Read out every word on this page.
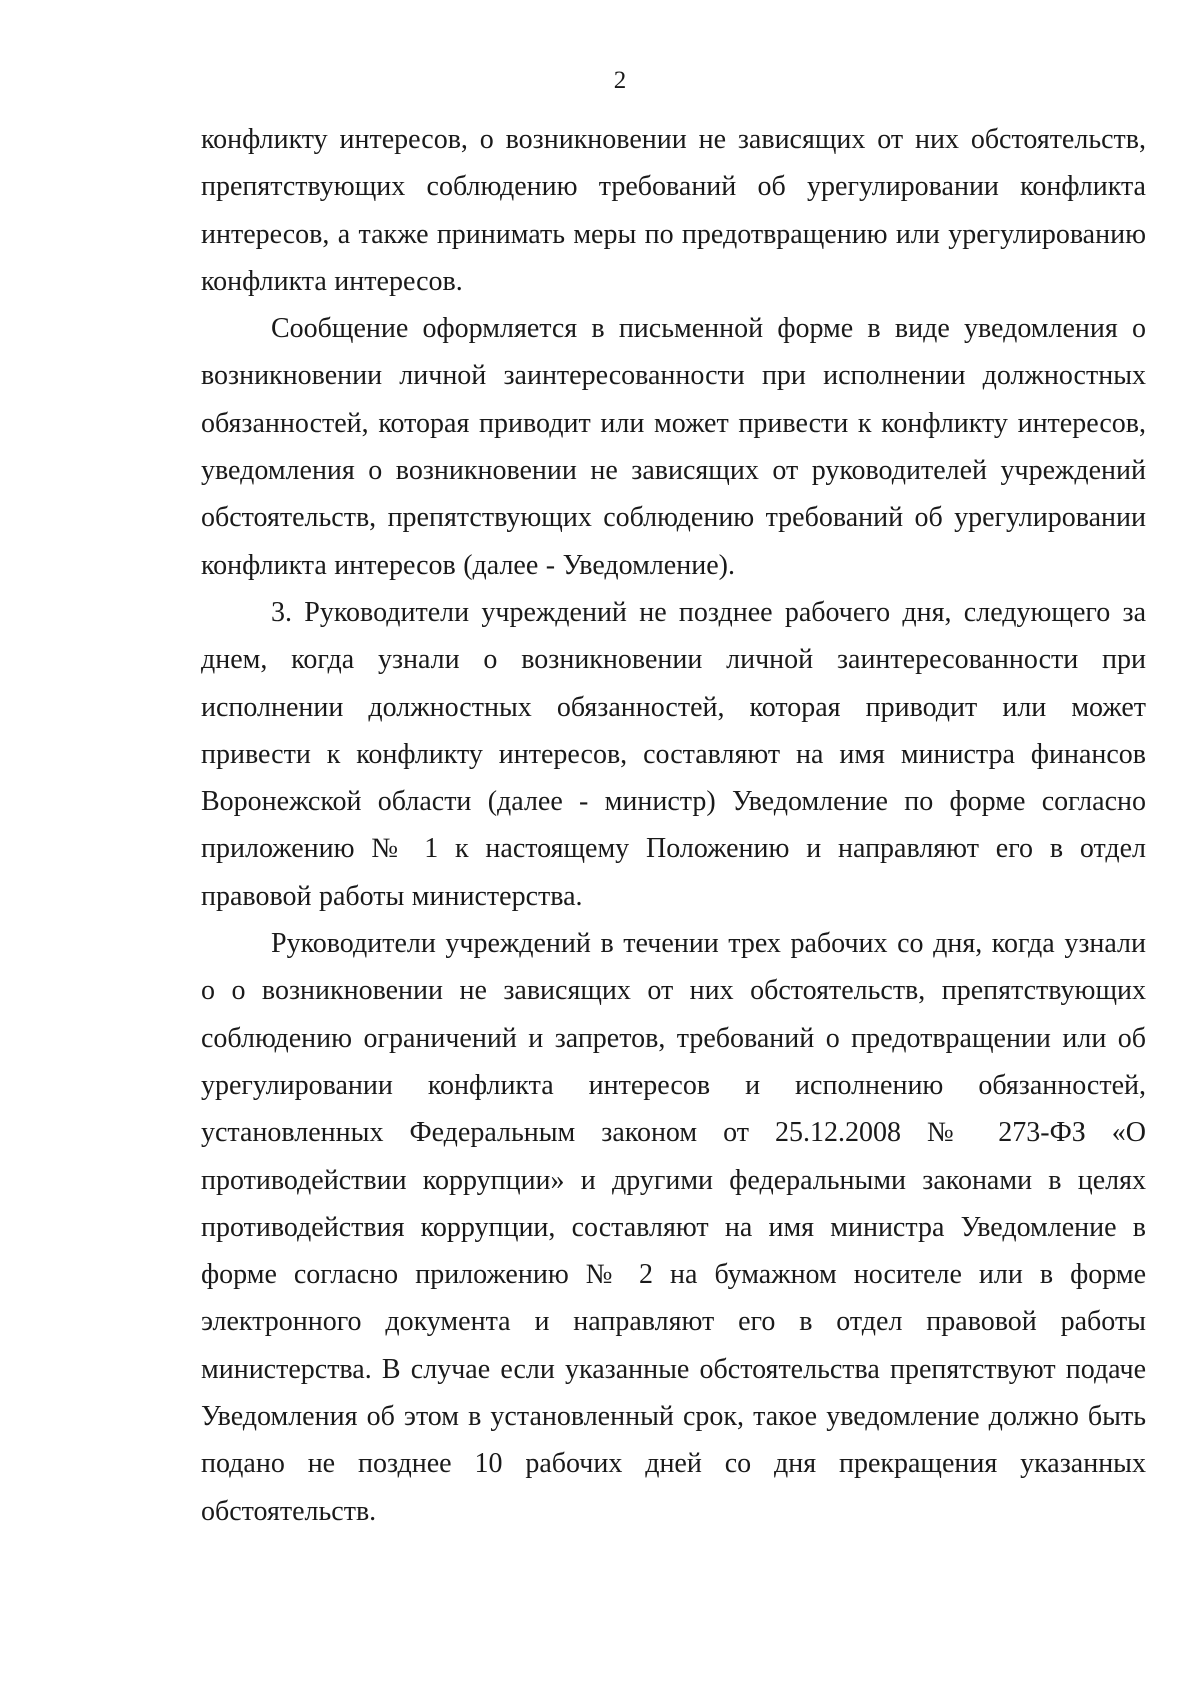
2

конфликту интересов, о возникновении не зависящих от них обстоятельств, препятствующих соблюдению требований об урегулировании конфликта интересов, а также принимать меры по предотвращению или урегулированию конфликта интересов.

Сообщение оформляется в письменной форме в виде уведомления о возникновении личной заинтересованности при исполнении должностных обязанностей, которая приводит или может привести к конфликту интересов, уведомления о возникновении не зависящих от руководителей учреждений обстоятельств, препятствующих соблюдению требований об урегулировании конфликта интересов (далее - Уведомление).

3. Руководители учреждений не позднее рабочего дня, следующего за днем, когда узнали о возникновении личной заинтересованности при исполнении должностных обязанностей, которая приводит или может привести к конфликту интересов, составляют на имя министра финансов Воронежской области (далее - министр) Уведомление по форме согласно приложению № 1 к настоящему Положению и направляют его в отдел правовой работы министерства.

Руководители учреждений в течении трех рабочих со дня, когда узнали о о возникновении не зависящих от них обстоятельств, препятствующих соблюдению ограничений и запретов, требований о предотвращении или об урегулировании конфликта интересов и исполнению обязанностей, установленных Федеральным законом от 25.12.2008 № 273-ФЗ «О противодействии коррупции» и другими федеральными законами в целях противодействия коррупции, составляют на имя министра Уведомление в форме согласно приложению № 2 на бумажном носителе или в форме электронного документа и направляют его в отдел правовой работы министерства. В случае если указанные обстоятельства препятствуют подаче Уведомления об этом в установленный срок, такое уведомление должно быть подано не позднее 10 рабочих дней со дня прекращения указанных обстоятельств.
